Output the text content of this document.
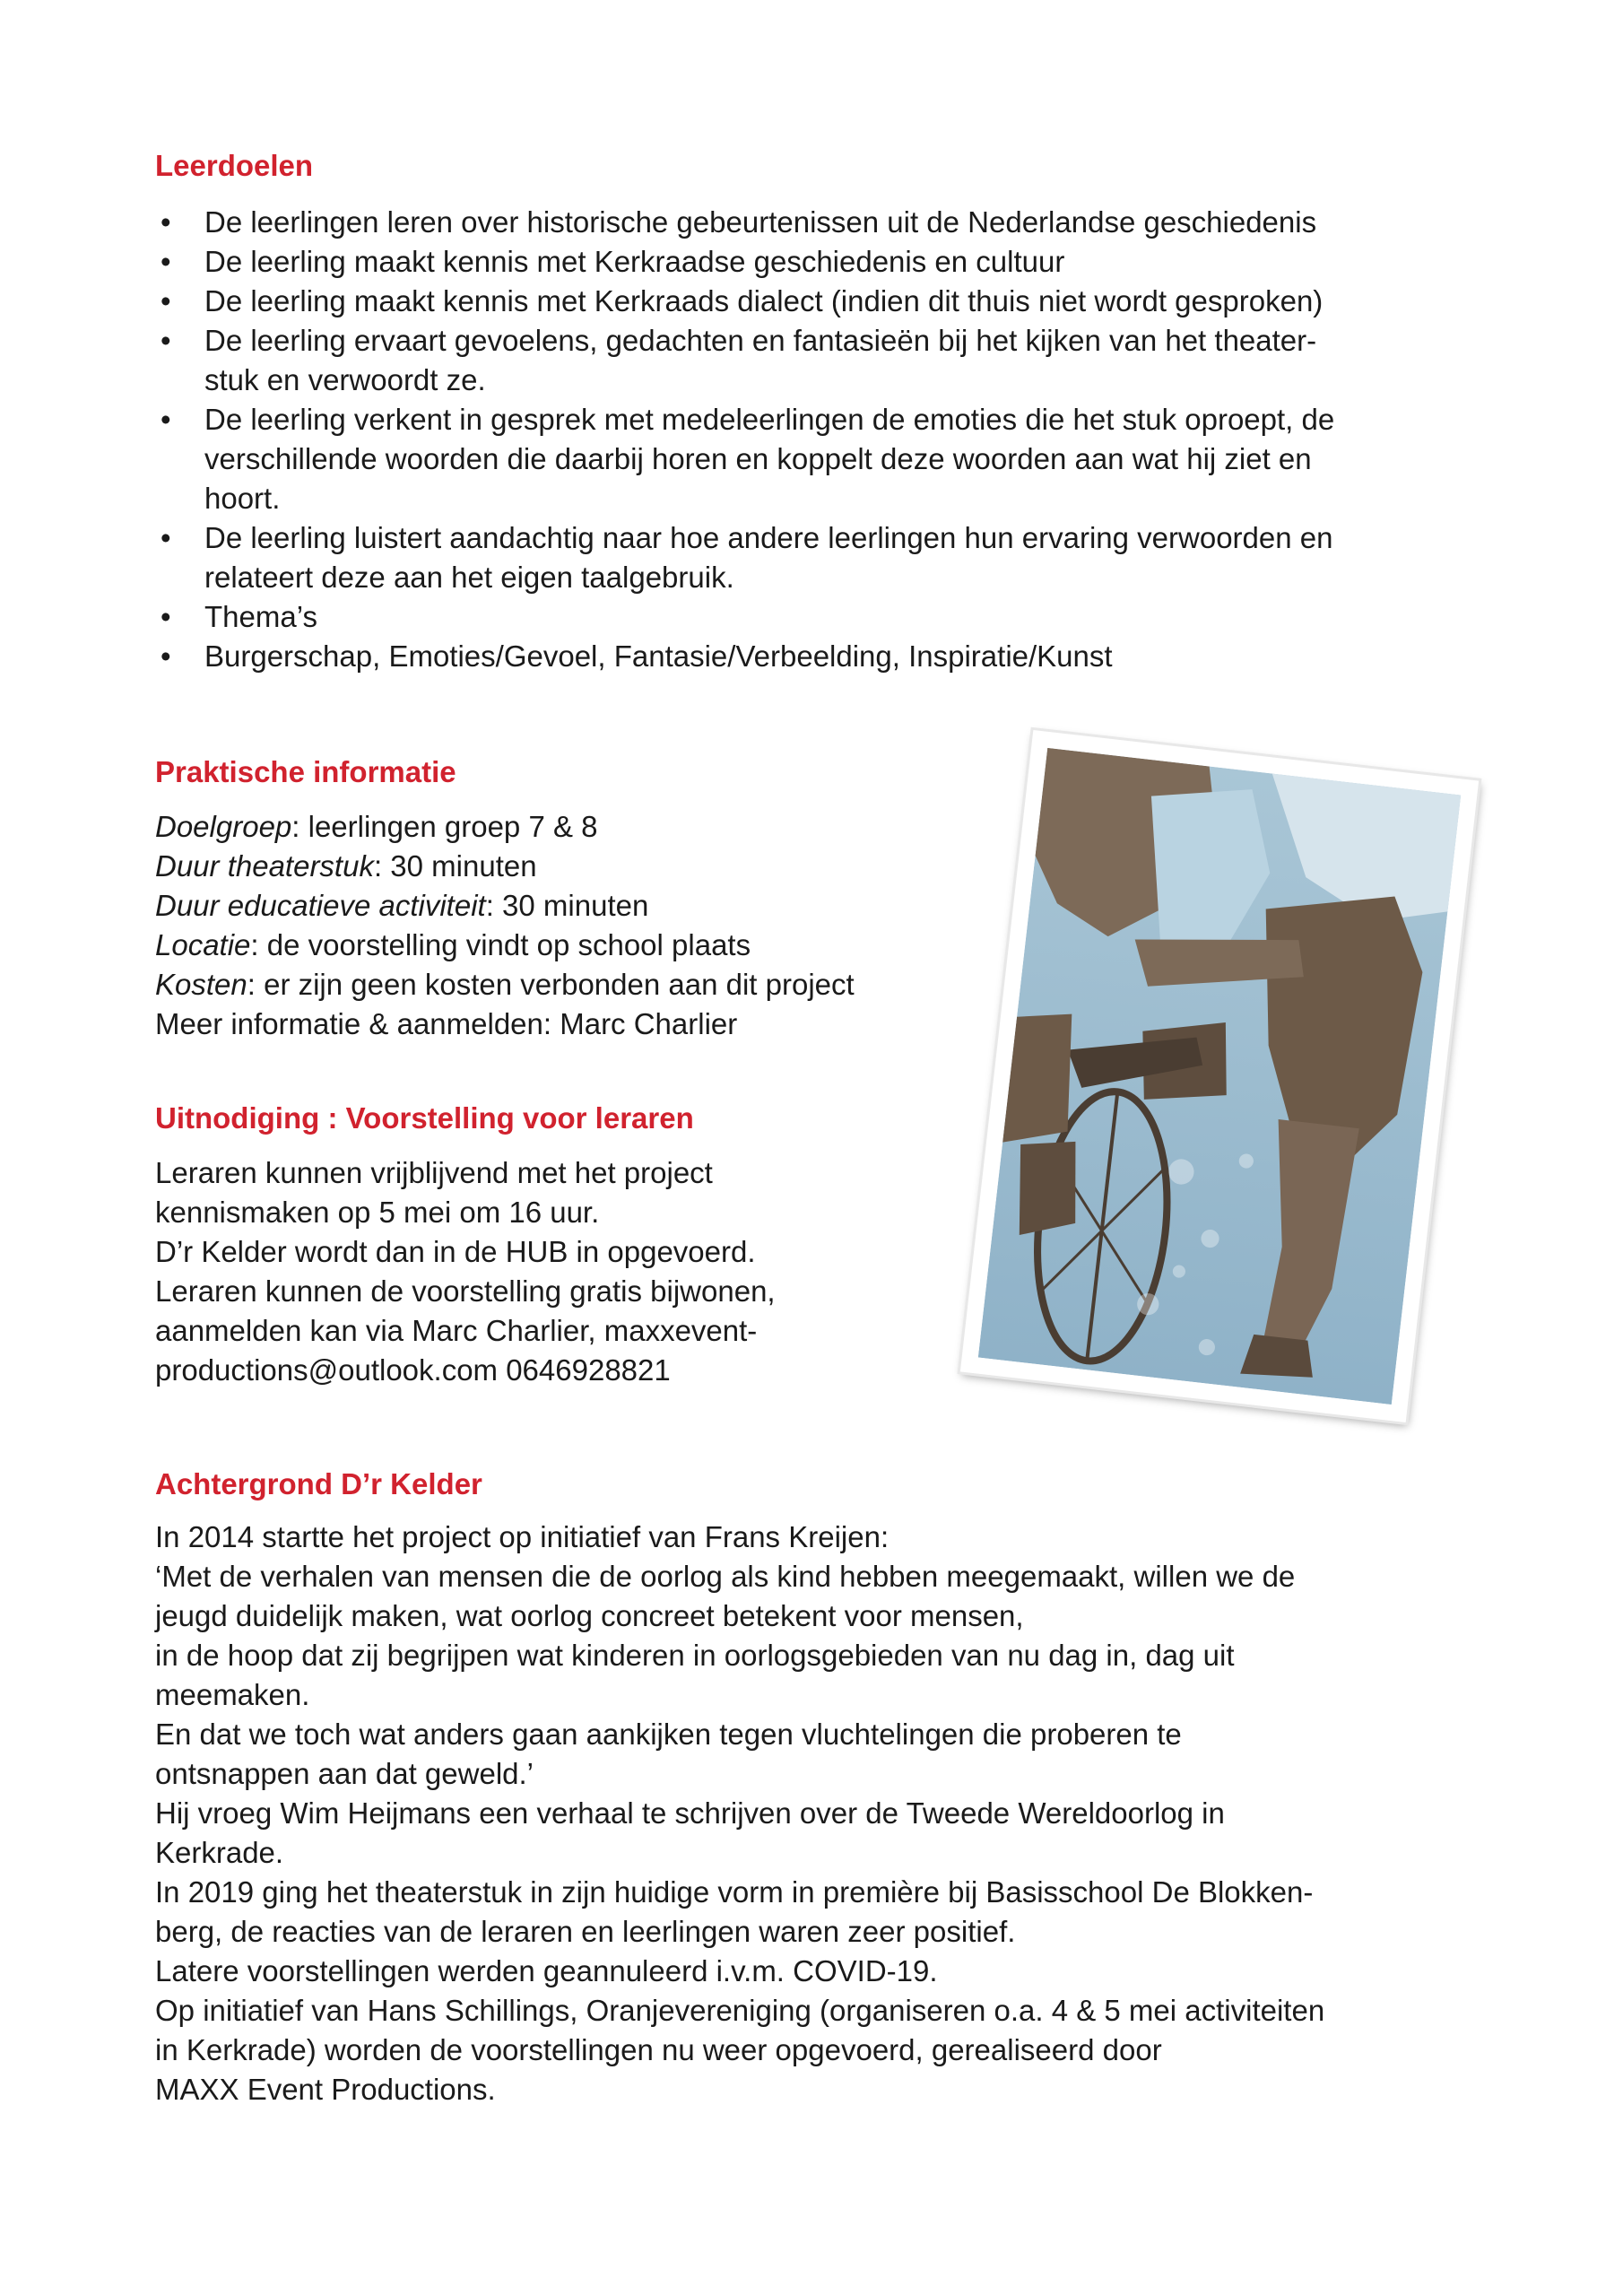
Leerdoelen
• De leerlingen leren over historische gebeurtenissen uit de Nederlandse geschiedenis
• De leerling maakt kennis met Kerkraadse geschiedenis en cultuur
• De leerling maakt kennis met Kerkraads dialect (indien dit thuis niet wordt gesproken)
• De leerling ervaart gevoelens, gedachten en fantasieën bij het kijken van het theater-
stuk en verwoordt ze.
• De leerling verkent in gesprek met medeleerlingen de emoties die het stuk oproept, de
verschillende woorden die daarbij horen en koppelt deze woorden aan wat hij ziet en
hoort.
• De leerling luistert aandachtig naar hoe andere leerlingen hun ervaring verwoorden en
relateert deze aan het eigen taalgebruik.
• Thema’s
• Burgerschap, Emoties/Gevoel, Fantasie/Verbeelding, Inspiratie/Kunst
Praktische informatie
Doelgroep: leerlingen groep 7 & 8
Duur theaterstuk: 30 minuten
Duur educatieve activiteit: 30 minuten
Locatie: de voorstelling vindt op school plaats
Kosten: er zijn geen kosten verbonden aan dit project
Meer informatie & aanmelden: Marc Charlier
Uitnodiging : Voorstelling voor leraren
Leraren kunnen vrijblijvend met het project
kennismaken op 5 mei om 16 uur.
D’r Kelder wordt dan in de HUB in opgevoerd.
Leraren kunnen de voorstelling gratis bijwonen,
aanmelden kan via Marc Charlier, maxxevent-
productions@outlook.com 0646928821
Achtergrond D’r Kelder
In 2014 startte het project op initiatief van Frans Kreijen:
‘Met de verhalen van mensen die de oorlog als kind hebben meegemaakt, willen we de
jeugd duidelijk maken, wat oorlog concreet betekent voor mensen,
in de hoop dat zij begrijpen wat kinderen in oorlogsgebieden van nu dag in, dag uit
meemaken.
En dat we toch wat anders gaan aankijken tegen vluchtelingen die proberen te
ontsnappen aan dat geweld.’
Hij vroeg Wim Heijmans een verhaal te schrijven over de Tweede Wereldoorlog in
Kerkrade.
In 2019 ging het theaterstuk in zijn huidige vorm in première bij Basisschool De Blokken-
berg, de reacties van de leraren en leerlingen waren zeer positief.
Latere voorstellingen werden geannuleerd i.v.m. COVID-19.
Op initiatief van Hans Schillings, Oranjevereniging (organiseren o.a. 4 & 5 mei activiteiten
in Kerkrade) worden de voorstellingen nu weer opgevoerd, gerealiseerd door
MAXX Event Productions.
